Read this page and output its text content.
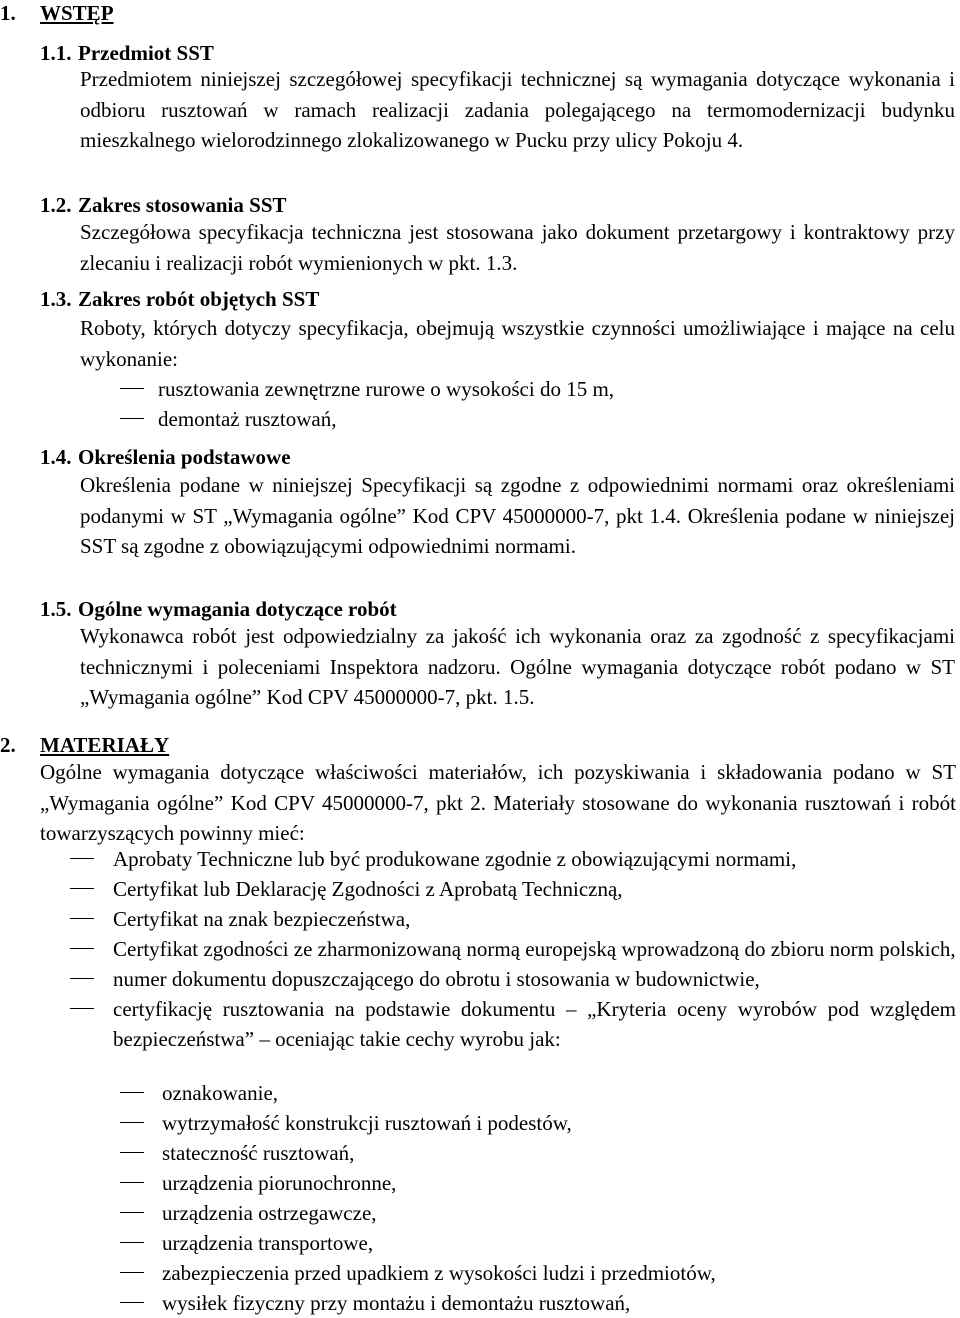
1. WSTĘP
1.1. Przedmiot SST

Przedmiotem niniejszej szczegółowej specyfikacji technicznej są wymagania dotyczące wykonania i odbioru rusztowań w ramach realizacji zadania polegającego na termomodernizacji budynku mieszkalnego wielorodzinnego zlokalizowanego w Pucku przy ulicy Pokoju 4.

1.2. Zakres stosowania SST

Szczegółowa specyfikacja techniczna jest stosowana jako dokument przetargowy i kontraktowy przy zlecaniu i realizacji robót wymienionych w pkt. 1.3.

1.3. Zakres robót objętych SST

Roboty, których dotyczy specyfikacja, obejmują wszystkie czynności umożliwiające i mające na celu wykonanie:

rusztowania zewnętrzne rurowe o wysokości do 15 m,
demontaż rusztowań,
1.4. Określenia podstawowe

Określenia podane w niniejszej Specyfikacji są zgodne z odpowiednimi normami oraz określeniami podanymi w ST „Wymagania ogólne” Kod CPV 45000000-7, pkt 1.4. Określenia podane w niniejszej SST są zgodne z obowiązującymi odpowiednimi normami.

1.5. Ogólne wymagania dotyczące robót

Wykonawca robót jest odpowiedzialny za jakość ich wykonania oraz za zgodność z specyfikacjami technicznymi i poleceniami Inspektora nadzoru. Ogólne wymagania dotyczące robót podano w ST „Wymagania ogólne” Kod CPV 45000000-7, pkt. 1.5.

2. MATERIAŁY

Ogólne wymagania dotyczące właściwości materiałów, ich pozyskiwania i składowania podano w ST „Wymagania ogólne” Kod CPV 45000000-7, pkt 2. Materiały stosowane do wykonania rusztowań i robót towarzyszących powinny mieć:

Aprobaty Techniczne lub być produkowane zgodnie z obowiązującymi normami,
Certyfikat lub Deklarację Zgodności z Aprobatą Techniczną,
Certyfikat na znak bezpieczeństwa,
Certyfikat zgodności ze zharmonizowaną normą europejską wprowadzoną do zbioru norm polskich,
numer dokumentu dopuszczającego do obrotu i stosowania w budownictwie,
certyfikację rusztowania na podstawie dokumentu – „Kryteria oceny wyrobów pod względem bezpieczeństwa” – oceniając takie cechy wyrobu jak:
oznakowanie,
wytrzymałość konstrukcji rusztowań i podestów,
stateczność rusztowań,
urządzenia piorunochronne,
urządzenia ostrzegawcze,
urządzenia transportowe,
zabezpieczenia przed upadkiem z wysokości ludzi i przedmiotów,
wysiłek fizyczny przy montażu i demontażu rusztowań,
